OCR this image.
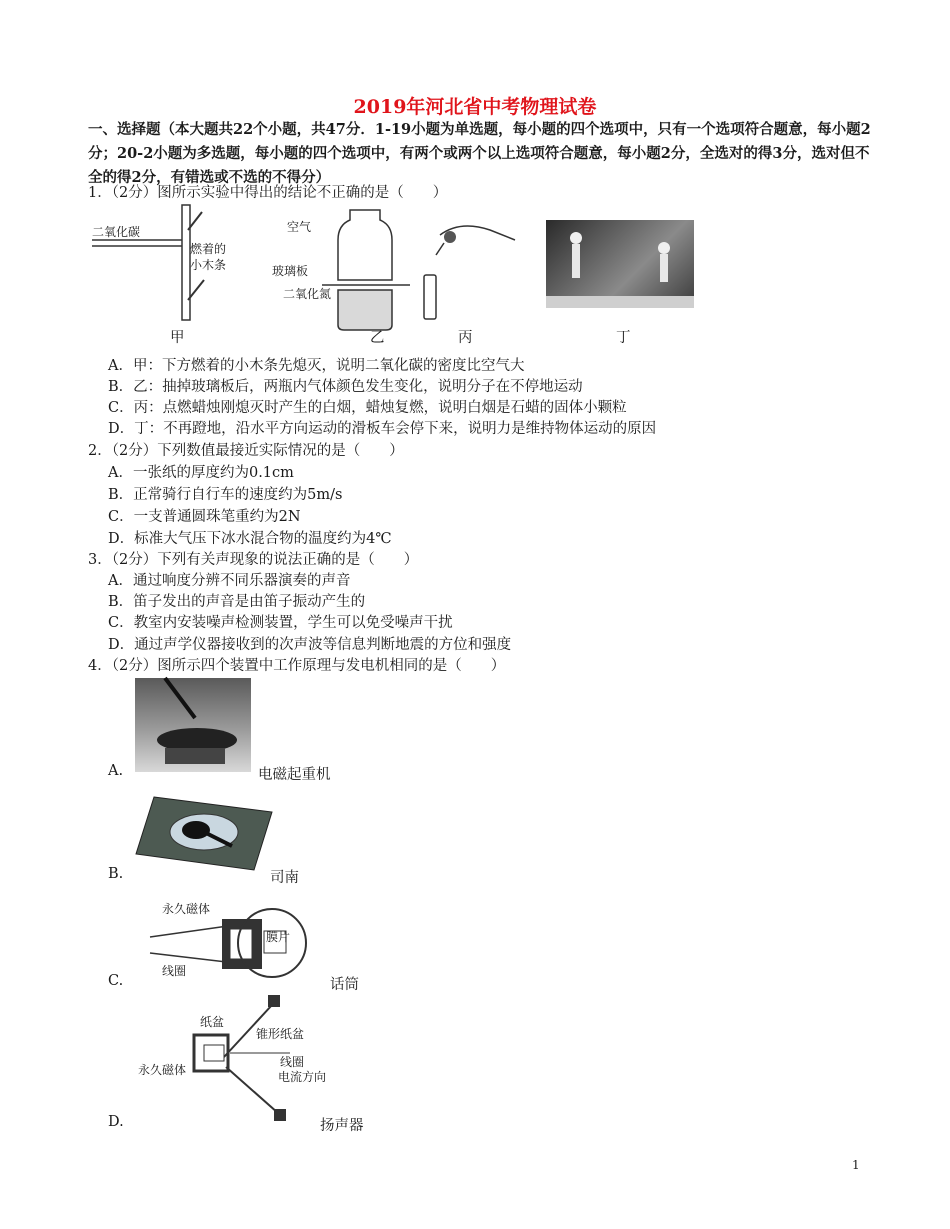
2019年河北省中考物理试卷
一、选择题（本大题共22个小题，共47分．1-19小题为单选题，每小题的四个选项中，只有一个选项符合题意，每小题2分；20-2小题为多选题，每小题的四个选项中，有两个或两个以上选项符合题意，每小题2分，全选对的得3分，选对但不全的得2分，有错选或不选的不得分）
1．（2分）图所示实验中得出的结论不正确的是（　　）
二氧化碳
燃着的
小木条
甲
空气
玻璃板
二氧化氮
乙	丙	丁
A．甲：下方燃着的小木条先熄灭，说明二氧化碳的密度比空气大
B．乙：抽掉玻璃板后，两瓶内气体颜色发生变化，说明分子在不停地运动
C．丙：点燃蜡烛刚熄灭时产生的白烟，蜡烛复燃，说明白烟是石蜡的固体小颗粒
D．丁：不再蹬地，沿水平方向运动的滑板车会停下来，说明力是维持物体运动的原因
2．（2分）下列数值最接近实际情况的是（　　）
A．一张纸的厚度约为0.1cm
B．正常骑行自行车的速度约为5m/s
C．一支普通圆珠笔重约为2N
D．标准大气压下冰水混合物的温度约为4℃
3．（2分）下列有关声现象的说法正确的是（　　）
A．通过响度分辨不同乐器演奏的声音
B．笛子发出的声音是由笛子振动产生的
C．教室内安装噪声检测装置，学生可以免受噪声干扰
D．通过声学仪器接收到的次声波等信息判断地震的方位和强度
4．（2分）图所示四个装置中工作原理与发电机相同的是（　　）
A.	电磁起重机
B.	司南
永久磁体
膜片
线圈
C.	话筒
纸盆
锥形纸盆
永久磁体
线圈
电流方向
D.	扬声器
1
